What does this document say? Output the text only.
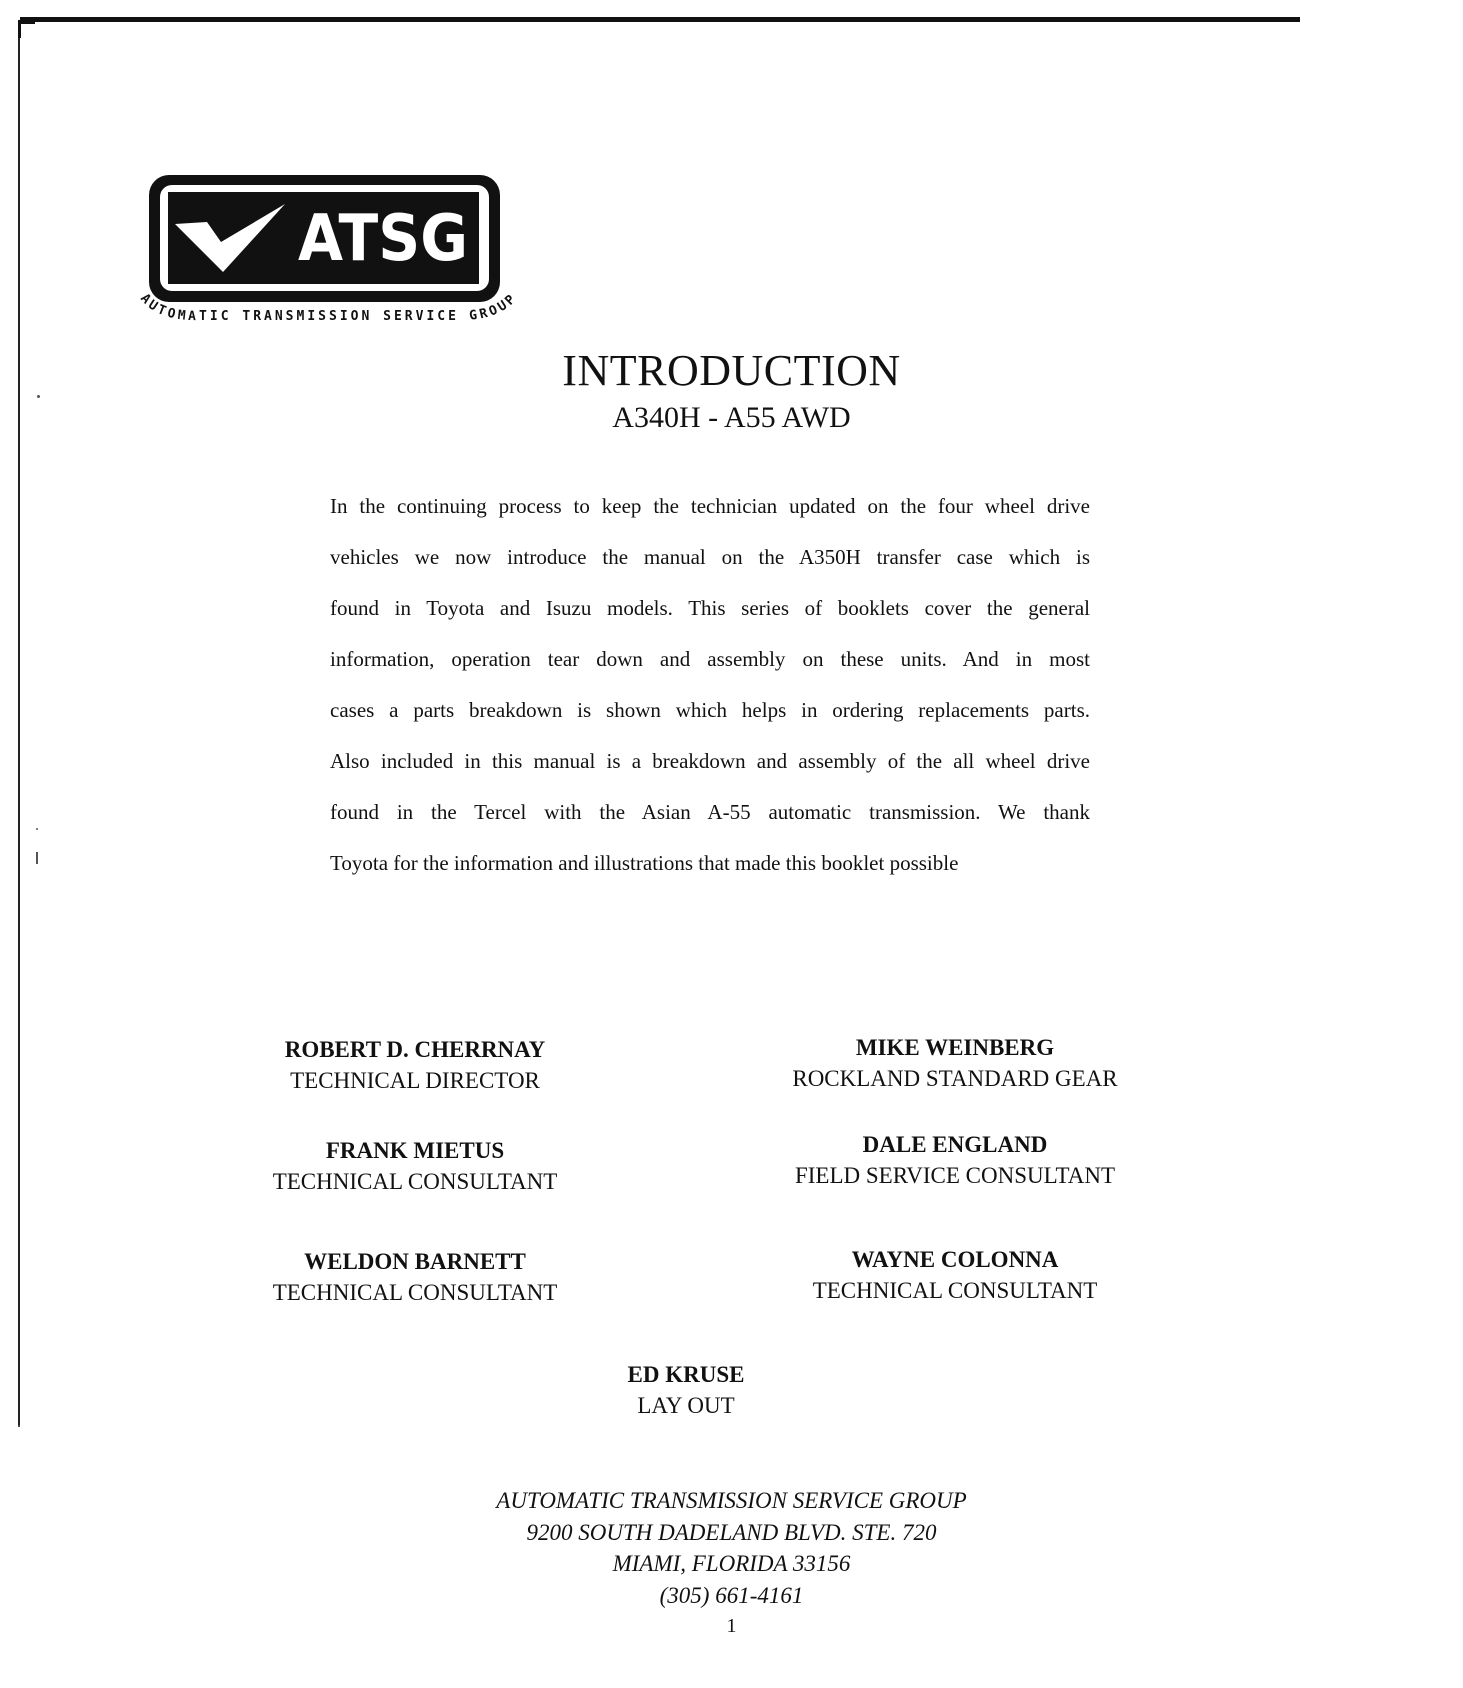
ATSG
AUTOMATIC TRANSMISSION SERVICE GROUP
INTRODUCTION
A340H - A55 AWD
In the continuing process to keep the technician updated on the four wheel drive
vehicles we now introduce the manual on the A350H transfer case which is
found in Toyota and Isuzu models. This series of booklets cover the general
information, operation tear down and assembly on these units. And in most
cases a parts breakdown is shown which helps in ordering replacements parts.
Also included in this manual is a breakdown and assembly of the all wheel drive
found in the Tercel with the Asian A-55 automatic transmission. We thank
Toyota for the information and illustrations that made this booklet possible
ROBERT D. CHERRNAY
TECHNICAL DIRECTOR
MIKE WEINBERG
ROCKLAND STANDARD GEAR
FRANK MIETUS
TECHNICAL CONSULTANT
DALE ENGLAND
FIELD SERVICE CONSULTANT
WELDON BARNETT
TECHNICAL CONSULTANT
WAYNE COLONNA
TECHNICAL CONSULTANT
ED KRUSE
LAY OUT
AUTOMATIC TRANSMISSION SERVICE GROUP
9200 SOUTH DADELAND BLVD. STE. 720
MIAMI, FLORIDA 33156
(305) 661-4161
1
